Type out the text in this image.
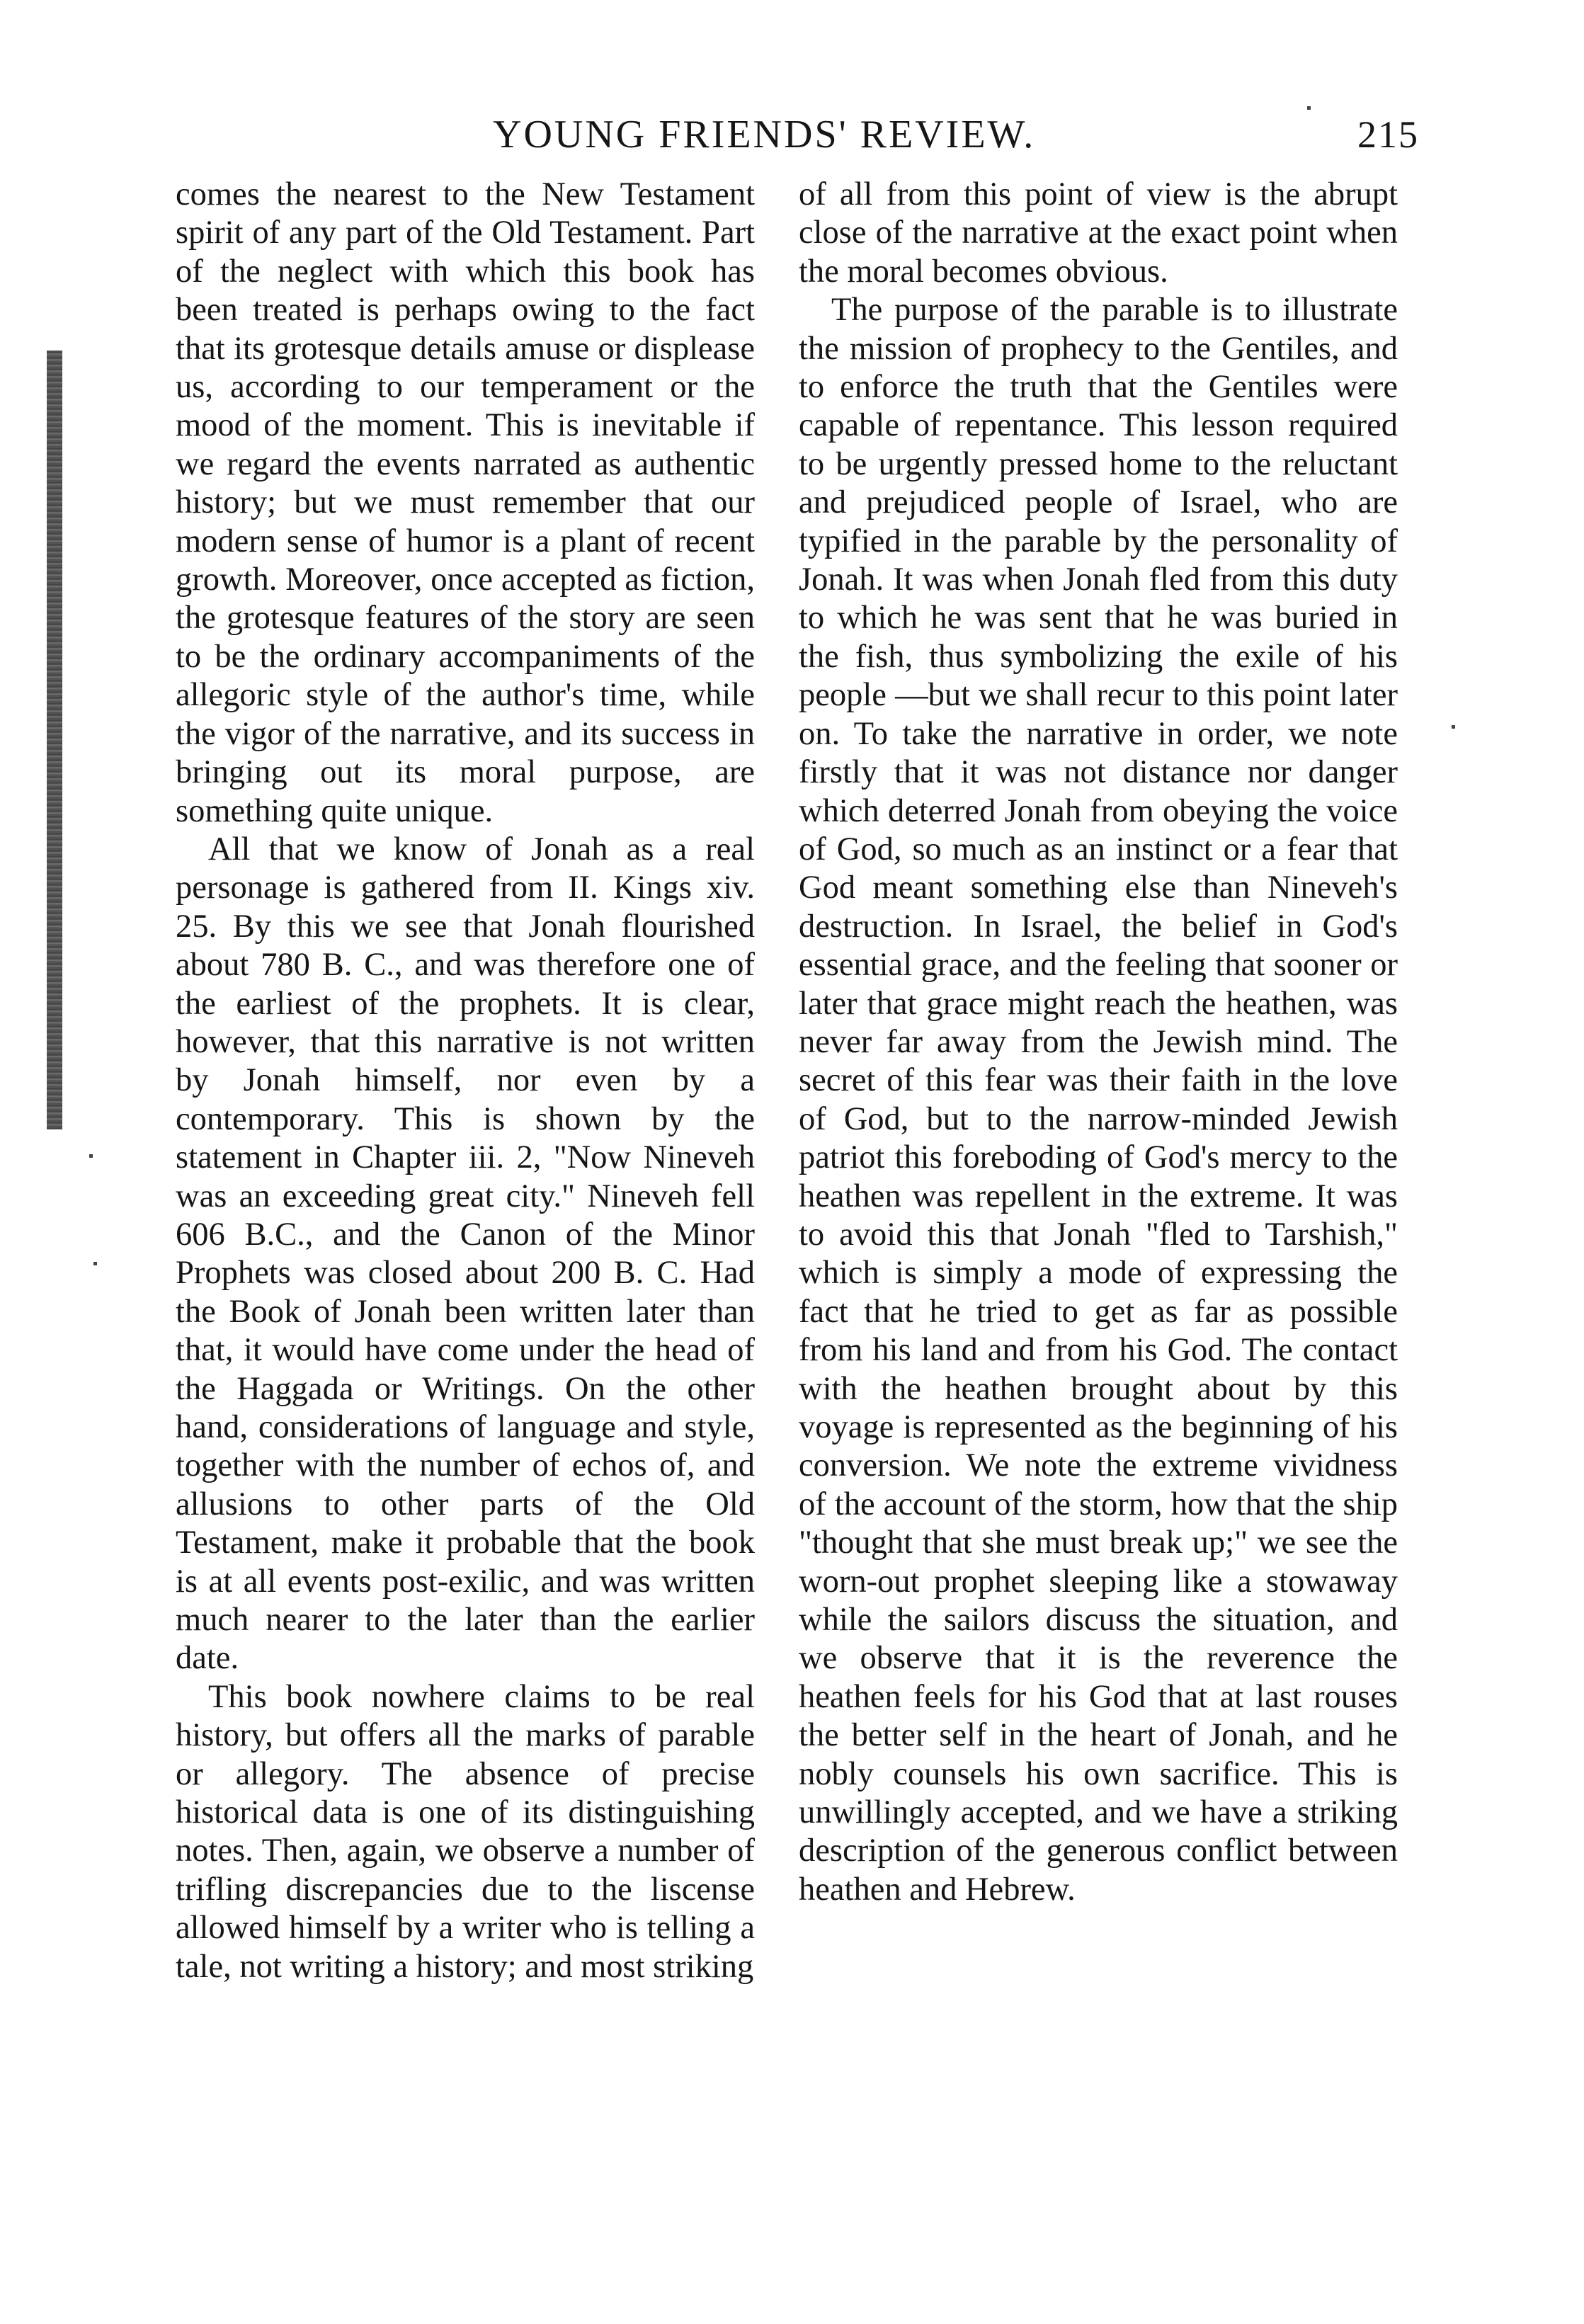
YOUNG FRIENDS' REVIEW.	215

comes the nearest to the New Testament spirit of any part of the Old Testament. Part of the neglect with which this book has been treated is perhaps owing to the fact that its grotesque details amuse or displease us, according to our temperament or the mood of the moment. This is inevitable if we regard the events narrated as authentic history; but we must remember that our modern sense of humor is a plant of recent growth. Moreover, once accepted as fiction, the grotesque features of the story are seen to be the ordinary accompaniments of the allegoric style of the author's time, while the vigor of the narrative, and its success in bringing out its moral purpose, are something quite unique.

All that we know of Jonah as a real personage is gathered from II. Kings xiv. 25. By this we see that Jonah flourished about 780 B. C., and was therefore one of the earliest of the prophets. It is clear, however, that this narrative is not written by Jonah himself, nor even by a contemporary. This is shown by the statement in Chapter iii. 2, "Now Nineveh was an exceeding great city." Nineveh fell 606 B.C., and the Canon of the Minor Prophets was closed about 200 B. C. Had the Book of Jonah been written later than that, it would have come under the head of the Haggada or Writings. On the other hand, considerations of language and style, together with the number of echos of, and allusions to other parts of the Old Testament, make it probable that the book is at all events post-exilic, and was written much nearer to the later than the earlier date.

This book nowhere claims to be real history, but offers all the marks of parable or allegory. The absence of precise historical data is one of its distinguishing notes. Then, again, we observe a number of trifling discrepancies due to the liscense allowed himself by a writer who is telling a tale, not writing a history; and most striking

of all from this point of view is the abrupt close of the narrative at the exact point when the moral becomes obvious.

The purpose of the parable is to illustrate the mission of prophecy to the Gentiles, and to enforce the truth that the Gentiles were capable of repentance. This lesson required to be urgently pressed home to the reluctant and prejudiced people of Israel, who are typified in the parable by the personality of Jonah. It was when Jonah fled from this duty to which he was sent that he was buried in the fish, thus symbolizing the exile of his people —but we shall recur to this point later on. To take the narrative in order, we note firstly that it was not distance nor danger which deterred Jonah from obeying the voice of God, so much as an instinct or a fear that God meant something else than Nineveh's destruction. In Israel, the belief in God's essential grace, and the feeling that sooner or later that grace might reach the heathen, was never far away from the Jewish mind. The secret of this fear was their faith in the love of God, but to the narrow-minded Jewish patriot this foreboding of God's mercy to the heathen was repellent in the extreme. It was to avoid this that Jonah "fled to Tarshish," which is simply a mode of expressing the fact that he tried to get as far as possible from his land and from his God. The contact with the heathen brought about by this voyage is represented as the beginning of his conversion. We note the extreme vividness of the account of the storm, how that the ship "thought that she must break up;" we see the worn-out prophet sleeping like a stowaway while the sailors discuss the situation, and we observe that it is the reverence the heathen feels for his God that at last rouses the better self in the heart of Jonah, and he nobly counsels his own sacrifice. This is unwillingly accepted, and we have a striking description of the generous conflict between heathen and Hebrew.
